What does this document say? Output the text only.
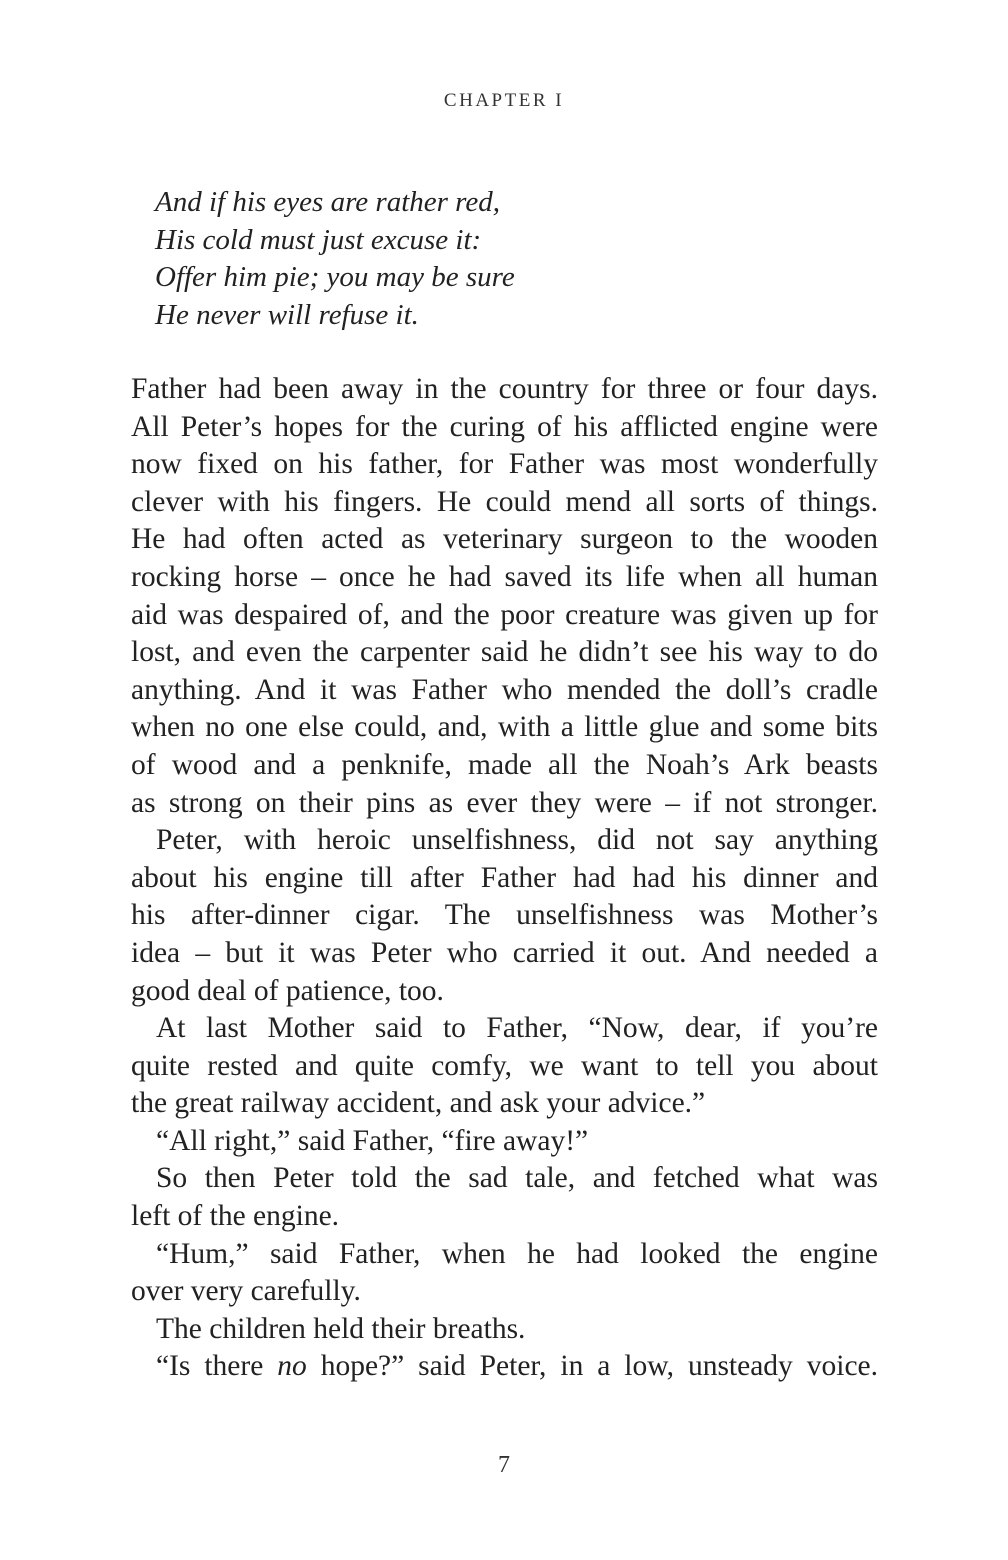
CHAPTER I
And if his eyes are rather red,
His cold must just excuse it:
Offer him pie; you may be sure
He never will refuse it.
Father had been away in the country for three or four days.
All Peter’s hopes for the curing of his afflicted engine were
now fixed on his father, for Father was most wonderfully
clever with his fingers. He could mend all sorts of things.
He had often acted as veterinary surgeon to the wooden
rocking horse – once he had saved its life when all human
aid was despaired of, and the poor creature was given up for
lost, and even the carpenter said he didn’t see his way to do
anything. And it was Father who mended the doll’s cradle
when no one else could, and, with a little glue and some bits
of wood and a penknife, made all the Noah’s Ark beasts
as strong on their pins as ever they were – if not stronger.
Peter, with heroic unselfishness, did not say anything
about his engine till after Father had had his dinner and
his after-dinner cigar. The unselfishness was Mother’s
idea – but it was Peter who carried it out. And needed a
good deal of patience, too.
At last Mother said to Father, “Now, dear, if you’re
quite rested and quite comfy, we want to tell you about
the great railway accident, and ask your advice.”
“All right,” said Father, “fire away!”
So then Peter told the sad tale, and fetched what was
left of the engine.
“Hum,” said Father, when he had looked the engine
over very carefully.
The children held their breaths.
“Is there no hope?” said Peter, in a low, unsteady voice.
7
